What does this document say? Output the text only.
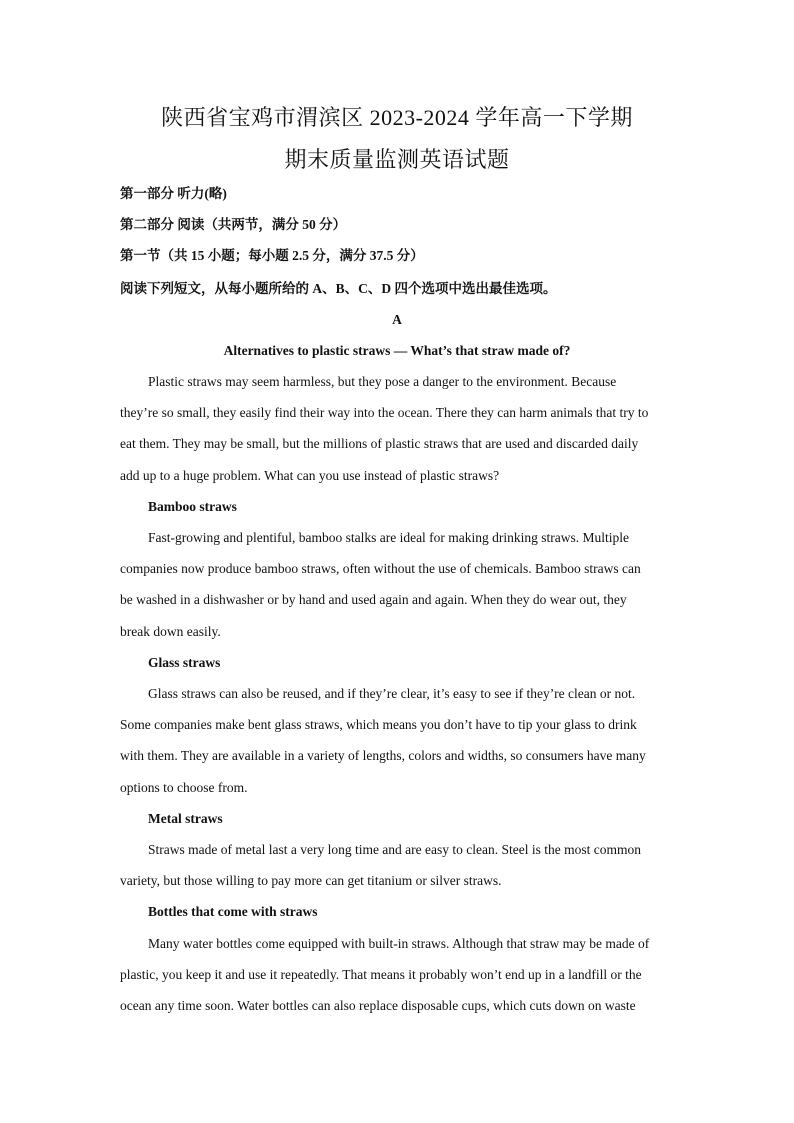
陕西省宝鸡市渭滨区 2023-2024 学年高一下学期
期末质量监测英语试题
第一部分 听力(略)
第二部分 阅读（共两节，满分 50 分）
第一节（共 15 小题；每小题 2.5 分，满分 37.5 分）
阅读下列短文，从每小题所给的 A、B、C、D 四个选项中选出最佳选项。
A
Alternatives to plastic straws — What’s that straw made of?
Plastic straws may seem harmless, but they pose a danger to the environment. Because
they’re so small, they easily find their way into the ocean. There they can harm animals that try to
eat them. They may be small, but the millions of plastic straws that are used and discarded daily
add up to a huge problem. What can you use instead of plastic straws?
Bamboo straws
Fast-growing and plentiful, bamboo stalks are ideal for making drinking straws. Multiple
companies now produce bamboo straws, often without the use of chemicals. Bamboo straws can
be washed in a dishwasher or by hand and used again and again. When they do wear out, they
break down easily.
Glass straws
Glass straws can also be reused, and if they’re clear, it’s easy to see if they’re clean or not.
Some companies make bent glass straws, which means you don’t have to tip your glass to drink
with them. They are available in a variety of lengths, colors and widths, so consumers have many
options to choose from.
Metal straws
Straws made of metal last a very long time and are easy to clean. Steel is the most common
variety, but those willing to pay more can get titanium or silver straws.
Bottles that come with straws
Many water bottles come equipped with built-in straws. Although that straw may be made of
plastic, you keep it and use it repeatedly. That means it probably won’t end up in a landfill or the
ocean any time soon. Water bottles can also replace disposable cups, which cuts down on waste
